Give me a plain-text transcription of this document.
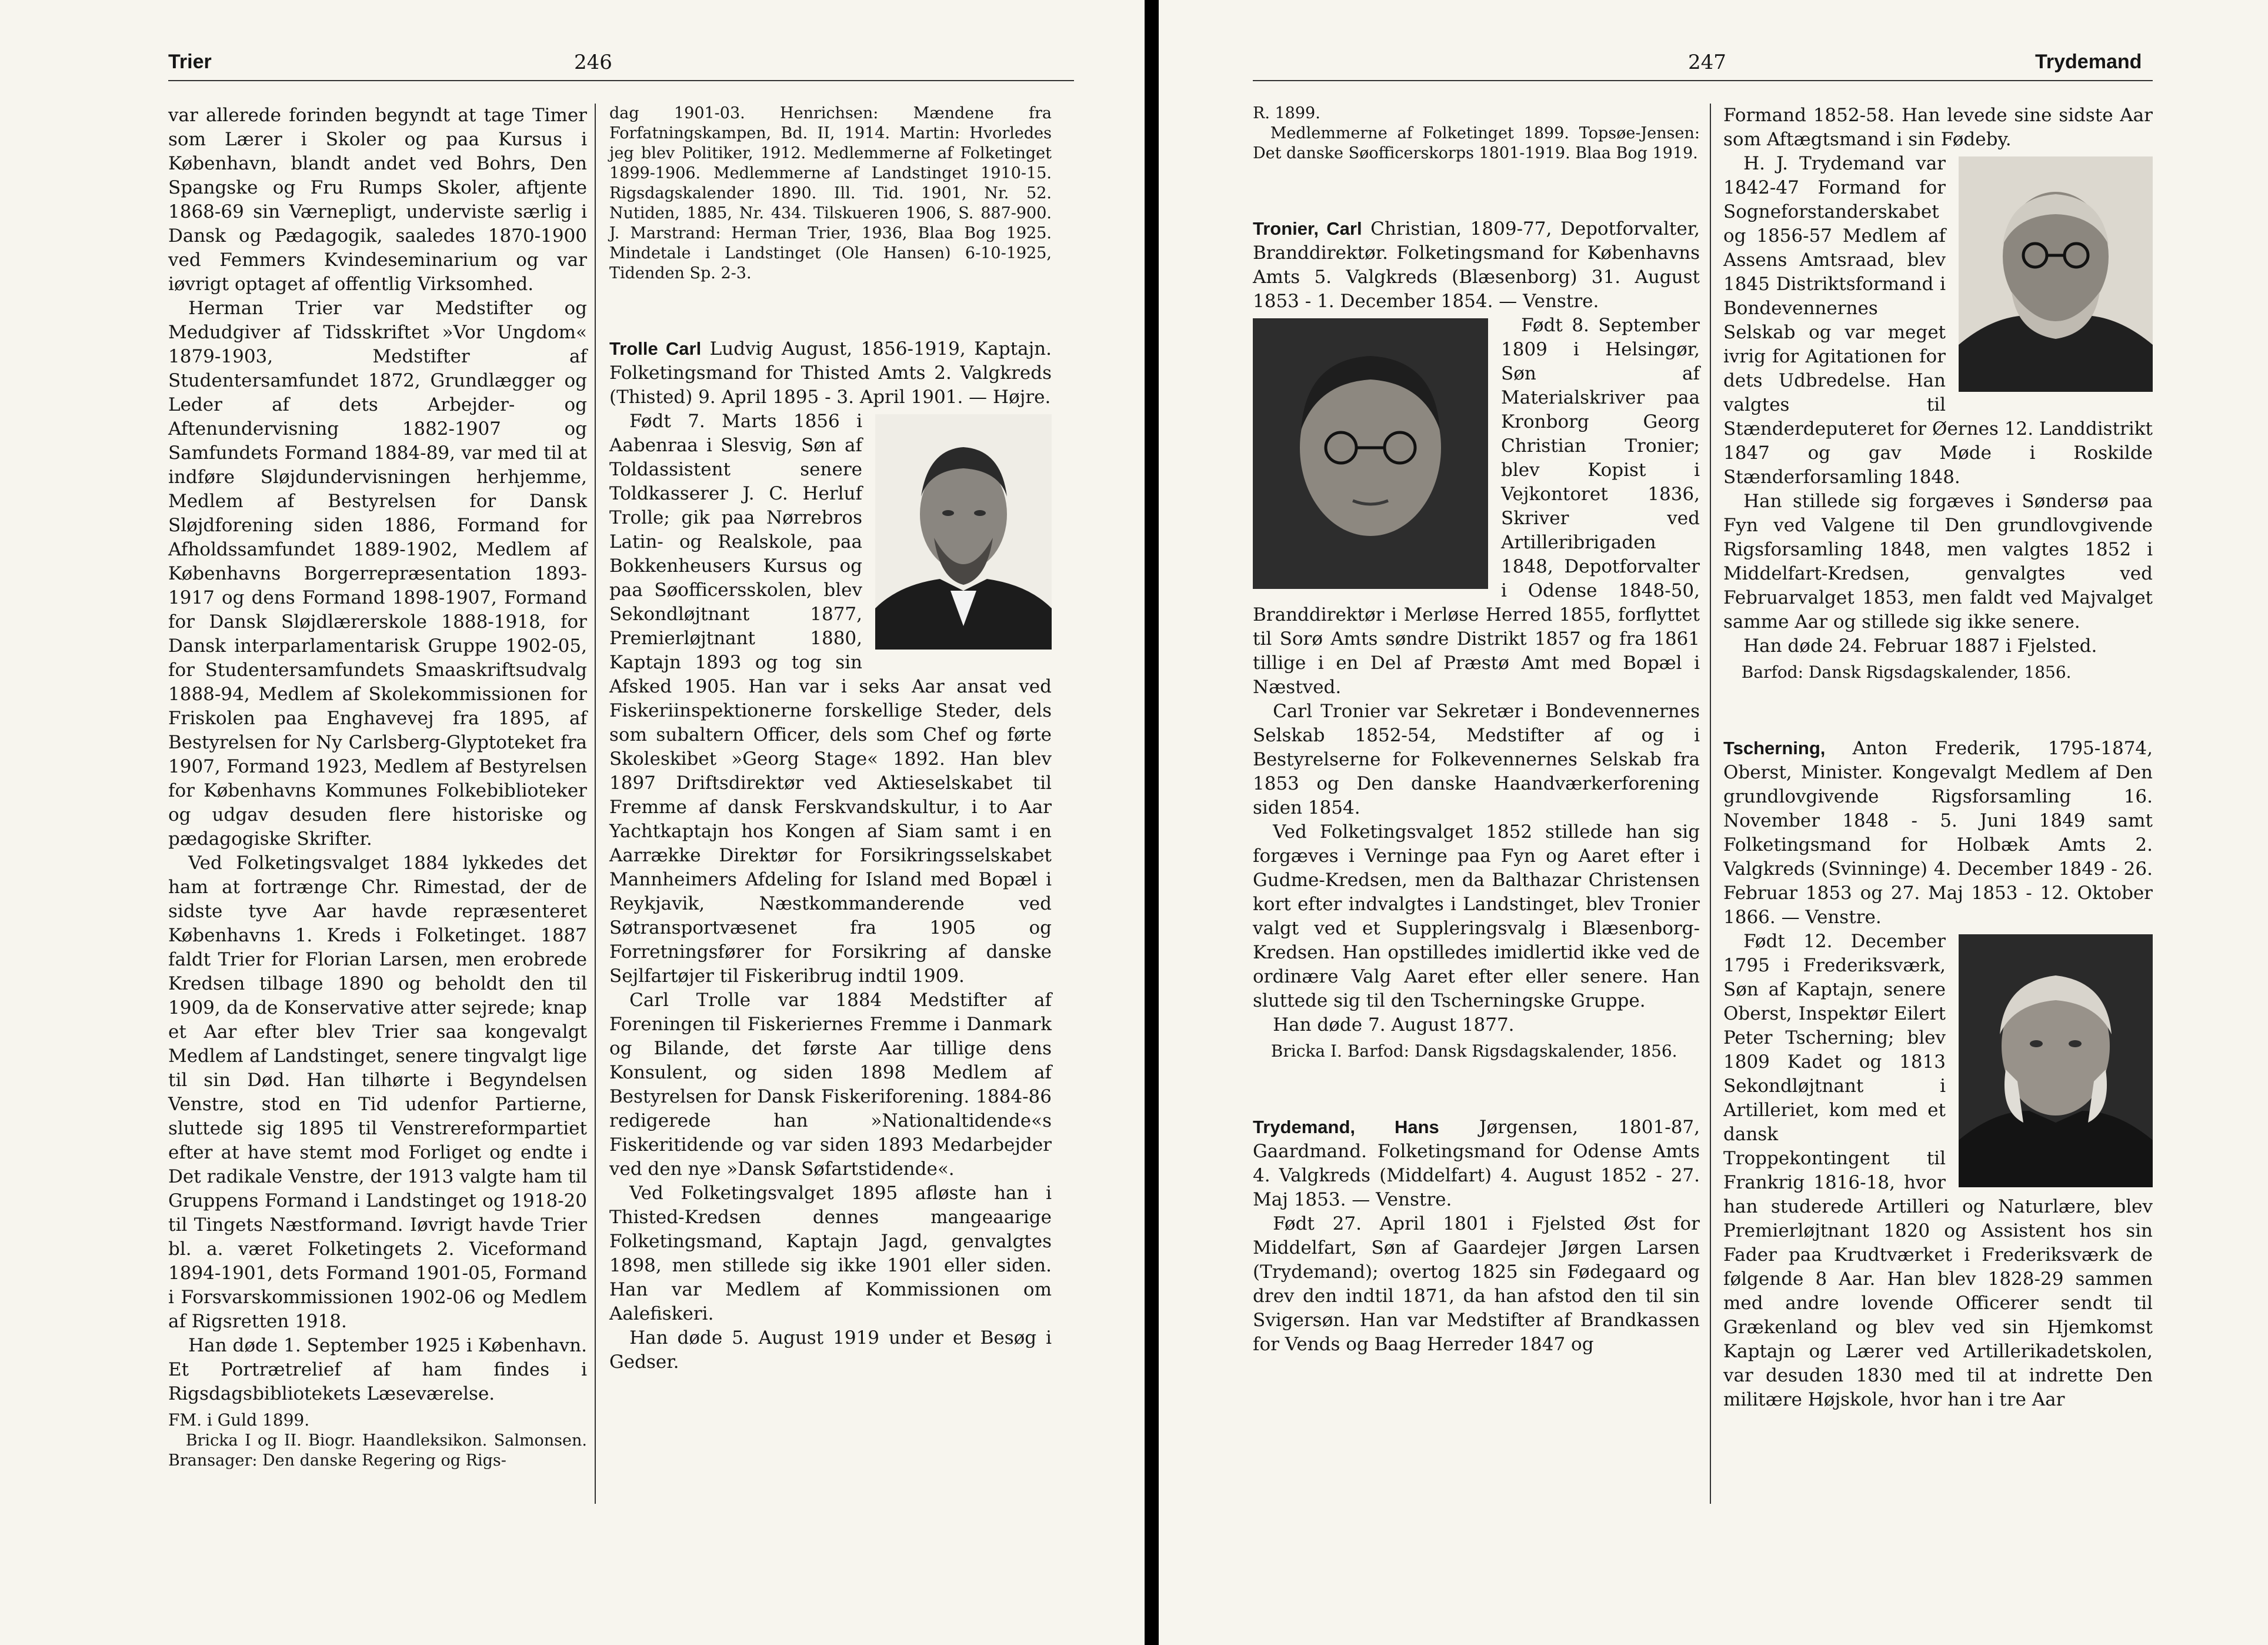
Trier	246

var allerede forinden begyndt at tage Timer som Lærer i Skoler og paa Kursus i København, blandt andet ved Bohrs, Den Spangske og Fru Rumps Skoler, aftjente 1868-69 sin Værnepligt, underviste særlig i Dansk og Pædagogik, saaledes 1870-1900 ved Femmers Kvindeseminarium og var iøvrigt optaget af offentlig Virksomhed.

Herman Trier var Medstifter og Medudgiver af Tidsskriftet »Vor Ungdom« 1879-1903, Medstifter af Studentersamfundet 1872, Grundlægger og Leder af dets Arbejder- og Aftenundervisning 1882-1907 og Samfundets Formand 1884-89, var med til at indføre Sløjdundervisningen herhjemme, Medlem af Bestyrelsen for Dansk Sløjdforening siden 1886, Formand for Afholdssamfundet 1889-1902, Medlem af Københavns Borgerrepræsentation 1893-1917 og dens Formand 1898-1907, Formand for Dansk Sløjdlærerskole 1888-1918, for Dansk interparlamentarisk Gruppe 1902-05, for Studentersamfundets Smaaskriftsudvalg 1888-94, Medlem af Skolekommissionen for Friskolen paa Enghavevej fra 1895, af Bestyrelsen for Ny Carlsberg-Glyptoteket fra 1907, Formand 1923, Medlem af Bestyrelsen for Københavns Kommunes Folkebiblioteker og udgav desuden flere historiske og pædagogiske Skrifter.

Ved Folketingsvalget 1884 lykkedes det ham at fortrænge Chr. Rimestad, der de sidste tyve Aar havde repræsenteret Københavns 1. Kreds i Folketinget. 1887 faldt Trier for Florian Larsen, men erobrede Kredsen tilbage 1890 og beholdt den til 1909, da de Konservative atter sejrede; knap et Aar efter blev Trier saa kongevalgt Medlem af Landstinget, senere tingvalgt lige til sin Død. Han tilhørte i Begyndelsen Venstre, stod en Tid udenfor Partierne, sluttede sig 1895 til Venstrereformpartiet efter at have stemt mod Forliget og endte i Det radikale Venstre, der 1913 valgte ham til Gruppens Formand i Landstinget og 1918-20 til Tingets Næstformand. Iøvrigt havde Trier bl. a. været Folketingets 2. Viceformand 1894-1901, dets Formand 1901-05, Formand i Forsvarskommissionen 1902-06 og Medlem af Rigsretten 1918.

Han døde 1. September 1925 i København. Et Portrætrelief af ham findes i Rigsdagsbibliotekets Læseværelse.

FM. i Guld 1899.

Bricka I og II. Biogr. Haandleksikon. Salmonsen. Bransager: Den danske Regering og Rigs-

dag 1901-03. Henrichsen: Mændene fra Forfatningskampen, Bd. II, 1914. Martin: Hvorledes jeg blev Politiker, 1912. Medlemmerne af Folketinget 1899-1906. Medlemmerne af Landstinget 1910-15. Rigsdagskalender 1890. Ill. Tid. 1901, Nr. 52. Nutiden, 1885, Nr. 434. Tilskueren 1906, S. 887-900. J. Marstrand: Herman Trier, 1936, Blaa Bog 1925. Mindetale i Landstinget (Ole Hansen) 6-10-1925, Tidenden Sp. 2-3.

Trolle Carl Ludvig August, 1856-1919, Kaptajn. Folketingsmand for Thisted Amts 2. Valgkreds (Thisted) 9. April 1895 - 3. April 1901. — Højre.

Født 7. Marts 1856 i Aabenraa i Slesvig, Søn af Toldassistent senere Toldkasserer J. C. Herluf Trolle; gik paa Nørrebros Latin- og Realskole, paa Bokkenheusers Kursus og paa Søofficersskolen, blev Sekondløjtnant 1877, Premierløjtnant 1880, Kaptajn 1893 og tog sin Afsked 1905. Han var i seks Aar ansat ved Fiskeriinspektionerne forskellige Steder, dels som subaltern Officer, dels som Chef og førte Skoleskibet »Georg Stage« 1892. Han blev 1897 Driftsdirektør ved Aktieselskabet til Fremme af dansk Ferskvandskultur, i to Aar Yachtkaptajn hos Kongen af Siam samt i en Aarrække Direktør for Forsikringsselskabet Mannheimers Afdeling for Island med Bopæl i Reykjavik, Næstkommanderende ved Søtransportvæsenet fra 1905 og Forretningsfører for Forsikring af danske Sejlfartøjer til Fiskeribrug indtil 1909.

Carl Trolle var 1884 Medstifter af Foreningen til Fiskeriernes Fremme i Danmark og Bilande, det første Aar tillige dens Konsulent, og siden 1898 Medlem af Bestyrelsen for Dansk Fiskeriforening. 1884-86 redigerede han »Nationaltidende«s Fiskeritidende og var siden 1893 Medarbejder ved den nye »Dansk Søfartstidende«.

Ved Folketingsvalget 1895 afløste han i Thisted-Kredsen dennes mangeaarige Folketingsmand, Kaptajn Jagd, genvalgtes 1898, men stillede sig ikke 1901 eller siden. Han var Medlem af Kommissionen om Aalefiskeri.

Han døde 5. August 1919 under et Besøg i Gedser.

247	Trydemand

R. 1899.

Medlemmerne af Folketinget 1899. Topsøe-Jensen: Det danske Søofficerskorps 1801-1919. Blaa Bog 1919.

Tronier, Carl Christian, 1809-77, Depotforvalter, Branddirektør. Folketingsmand for Københavns Amts 5. Valgkreds (Blæsenborg) 31. August 1853 - 1. December 1854. — Venstre.

Født 8. September 1809 i Helsingør, Søn af Materialskriver paa Kronborg Georg Christian Tronier; blev Kopist i Vejkontoret 1836, Skriver ved Artilleribrigaden 1848, Depotforvalter i Odense 1848-50, Branddirektør i Merløse Herred 1855, forflyttet til Sorø Amts søndre Distrikt 1857 og fra 1861 tillige i en Del af Præstø Amt med Bopæl i Næstved.

Carl Tronier var Sekretær i Bondevennernes Selskab 1852-54, Medstifter af og i Bestyrelserne for Folkevennernes Selskab fra 1853 og Den danske Haandværkerforening siden 1854.

Ved Folketingsvalget 1852 stillede han sig forgæves i Verninge paa Fyn og Aaret efter i Gudme-Kredsen, men da Balthazar Christensen kort efter indvalgtes i Landstinget, blev Tronier valgt ved et Suppleringsvalg i Blæsenborg-Kredsen. Han opstilledes imidlertid ikke ved de ordinære Valg Aaret efter eller senere. Han sluttede sig til den Tscherningske Gruppe.

Han døde 7. August 1877.

Bricka I. Barfod: Dansk Rigsdagskalender, 1856.

Trydemand, Hans Jørgensen, 1801-87, Gaardmand. Folketingsmand for Odense Amts 4. Valgkreds (Middelfart) 4. August 1852 - 27. Maj 1853. — Venstre.

Født 27. April 1801 i Fjelsted Øst for Middelfart, Søn af Gaardejer Jørgen Larsen (Trydemand); overtog 1825 sin Fødegaard og drev den indtil 1871, da han afstod den til sin Svigersøn. Han var Medstifter af Brandkassen for Vends og Baag Herreder 1847 og

Formand 1852-58. Han levede sine sidste Aar som Aftægtsmand i sin Fødeby.

H. J. Trydemand var 1842-47 Formand for Sogneforstanderskabet og 1856-57 Medlem af Assens Amtsraad, blev 1845 Distriktsformand i Bondevennernes Selskab og var meget ivrig for Agitationen for dets Udbredelse. Han valgtes til Stænderdeputeret for Øernes 12. Landdistrikt 1847 og gav Møde i Roskilde Stænderforsamling 1848.

Han stillede sig forgæves i Søndersø paa Fyn ved Valgene til Den grundlovgivende Rigsforsamling 1848, men valgtes 1852 i Middelfart-Kredsen, genvalgtes ved Februarvalget 1853, men faldt ved Majvalget samme Aar og stillede sig ikke senere.

Han døde 24. Februar 1887 i Fjelsted.

Barfod: Dansk Rigsdagskalender, 1856.

Tscherning, Anton Frederik, 1795-1874, Oberst, Minister. Kongevalgt Medlem af Den grundlovgivende Rigsforsamling 16. November 1848 - 5. Juni 1849 samt Folketingsmand for Holbæk Amts 2. Valgkreds (Svinninge) 4. December 1849 - 26. Februar 1853 og 27. Maj 1853 - 12. Oktober 1866. — Venstre.

Født 12. December 1795 i Frederiksværk, Søn af Kaptajn, senere Oberst, Inspektør Eilert Peter Tscherning; blev 1809 Kadet og 1813 Sekondløjtnant i Artilleriet, kom med et dansk Troppekontingent til Frankrig 1816-18, hvor han studerede Artilleri og Naturlære, blev Premierløjtnant 1820 og Assistent hos sin Fader paa Krudtværket i Frederiksværk de følgende 8 Aar. Han blev 1828-29 sammen med andre lovende Officerer sendt til Grækenland og blev ved sin Hjemkomst Kaptajn og Lærer ved Artillerikadetskolen, var desuden 1830 med til at indrette Den militære Højskole, hvor han i tre Aar
